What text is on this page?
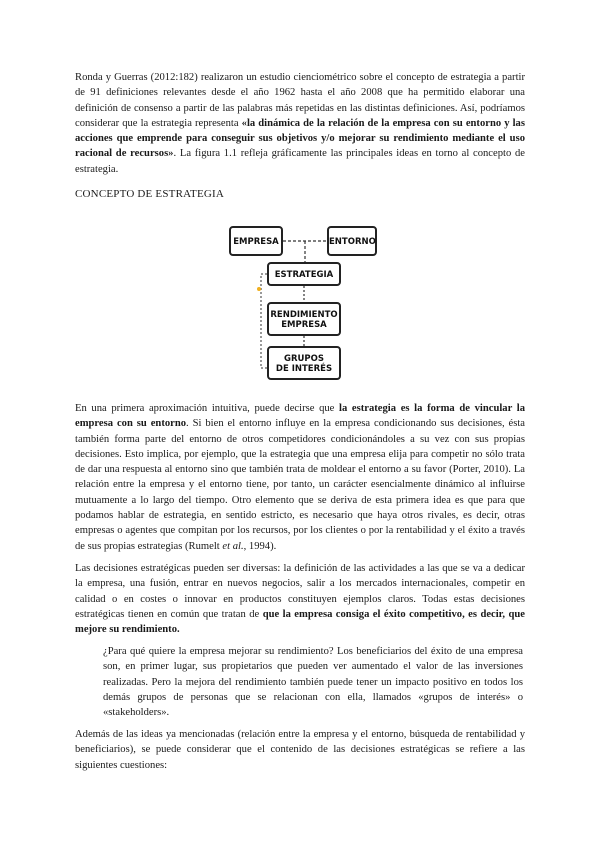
Ronda y Guerras (2012:182) realizaron un estudio cienciométrico sobre el concepto de estrategia a partir de 91 definiciones relevantes desde el año 1962 hasta el año 2008 que ha permitido elaborar una definición de consenso a partir de las palabras más repetidas en las distintas definiciones. Así, podríamos considerar que la estrategia representa «la dinámica de la relación de la empresa con su entorno y las acciones que emprende para conseguir sus objetivos y/o mejorar su rendimiento mediante el uso racional de recursos». La figura 1.1 refleja gráficamente las principales ideas en torno al concepto de estrategia.

CONCEPTO DE ESTRATEGIA

EMPRESA	ENTORNO
ESTRATEGIA
RENDIMIENTO
EMPRESA
GRUPOS
DE INTERÉS

En una primera aproximación intuitiva, puede decirse que la estrategia es la forma de vincular la empresa con su entorno. Si bien el entorno influye en la empresa condicionando sus decisiones, ésta también forma parte del entorno de otros competidores condicionándoles a su vez con sus propias decisiones. Esto implica, por ejemplo, que la estrategia que una empresa elija para competir no sólo trata de dar una respuesta al entorno sino que también trata de moldear el entorno a su favor (Porter, 2010). La relación entre la empresa y el entorno tiene, por tanto, un carácter esencialmente dinámico al influirse mutuamente a lo largo del tiempo. Otro elemento que se deriva de esta primera idea es que para que podamos hablar de estrategia, en sentido estricto, es necesario que haya otros rivales, es decir, otras empresas o agentes que compitan por los recursos, por los clientes o por la rentabilidad y el éxito a través de sus propias estrategias (Rumelt et al., 1994).

Las decisiones estratégicas pueden ser diversas: la definición de las actividades a las que se va a dedicar la empresa, una fusión, entrar en nuevos negocios, salir a los mercados internacionales, competir en calidad o en costes o innovar en productos constituyen ejemplos claros. Todas estas decisiones estratégicas tienen en común que tratan de que la empresa consiga el éxito competitivo, es decir, que mejore su rendimiento.

¿Para qué quiere la empresa mejorar su rendimiento? Los beneficiarios del éxito de una empresa son, en primer lugar, sus propietarios que pueden ver aumentado el valor de las inversiones realizadas. Pero la mejora del rendimiento también puede tener un impacto positivo en todos los demás grupos de personas que se relacionan con ella, llamados «grupos de interés» o «stakeholders».

Además de las ideas ya mencionadas (relación entre la empresa y el entorno, búsqueda de rentabilidad y beneficiarios), se puede considerar que el contenido de las decisiones estratégicas se refiere a las siguientes cuestiones:
